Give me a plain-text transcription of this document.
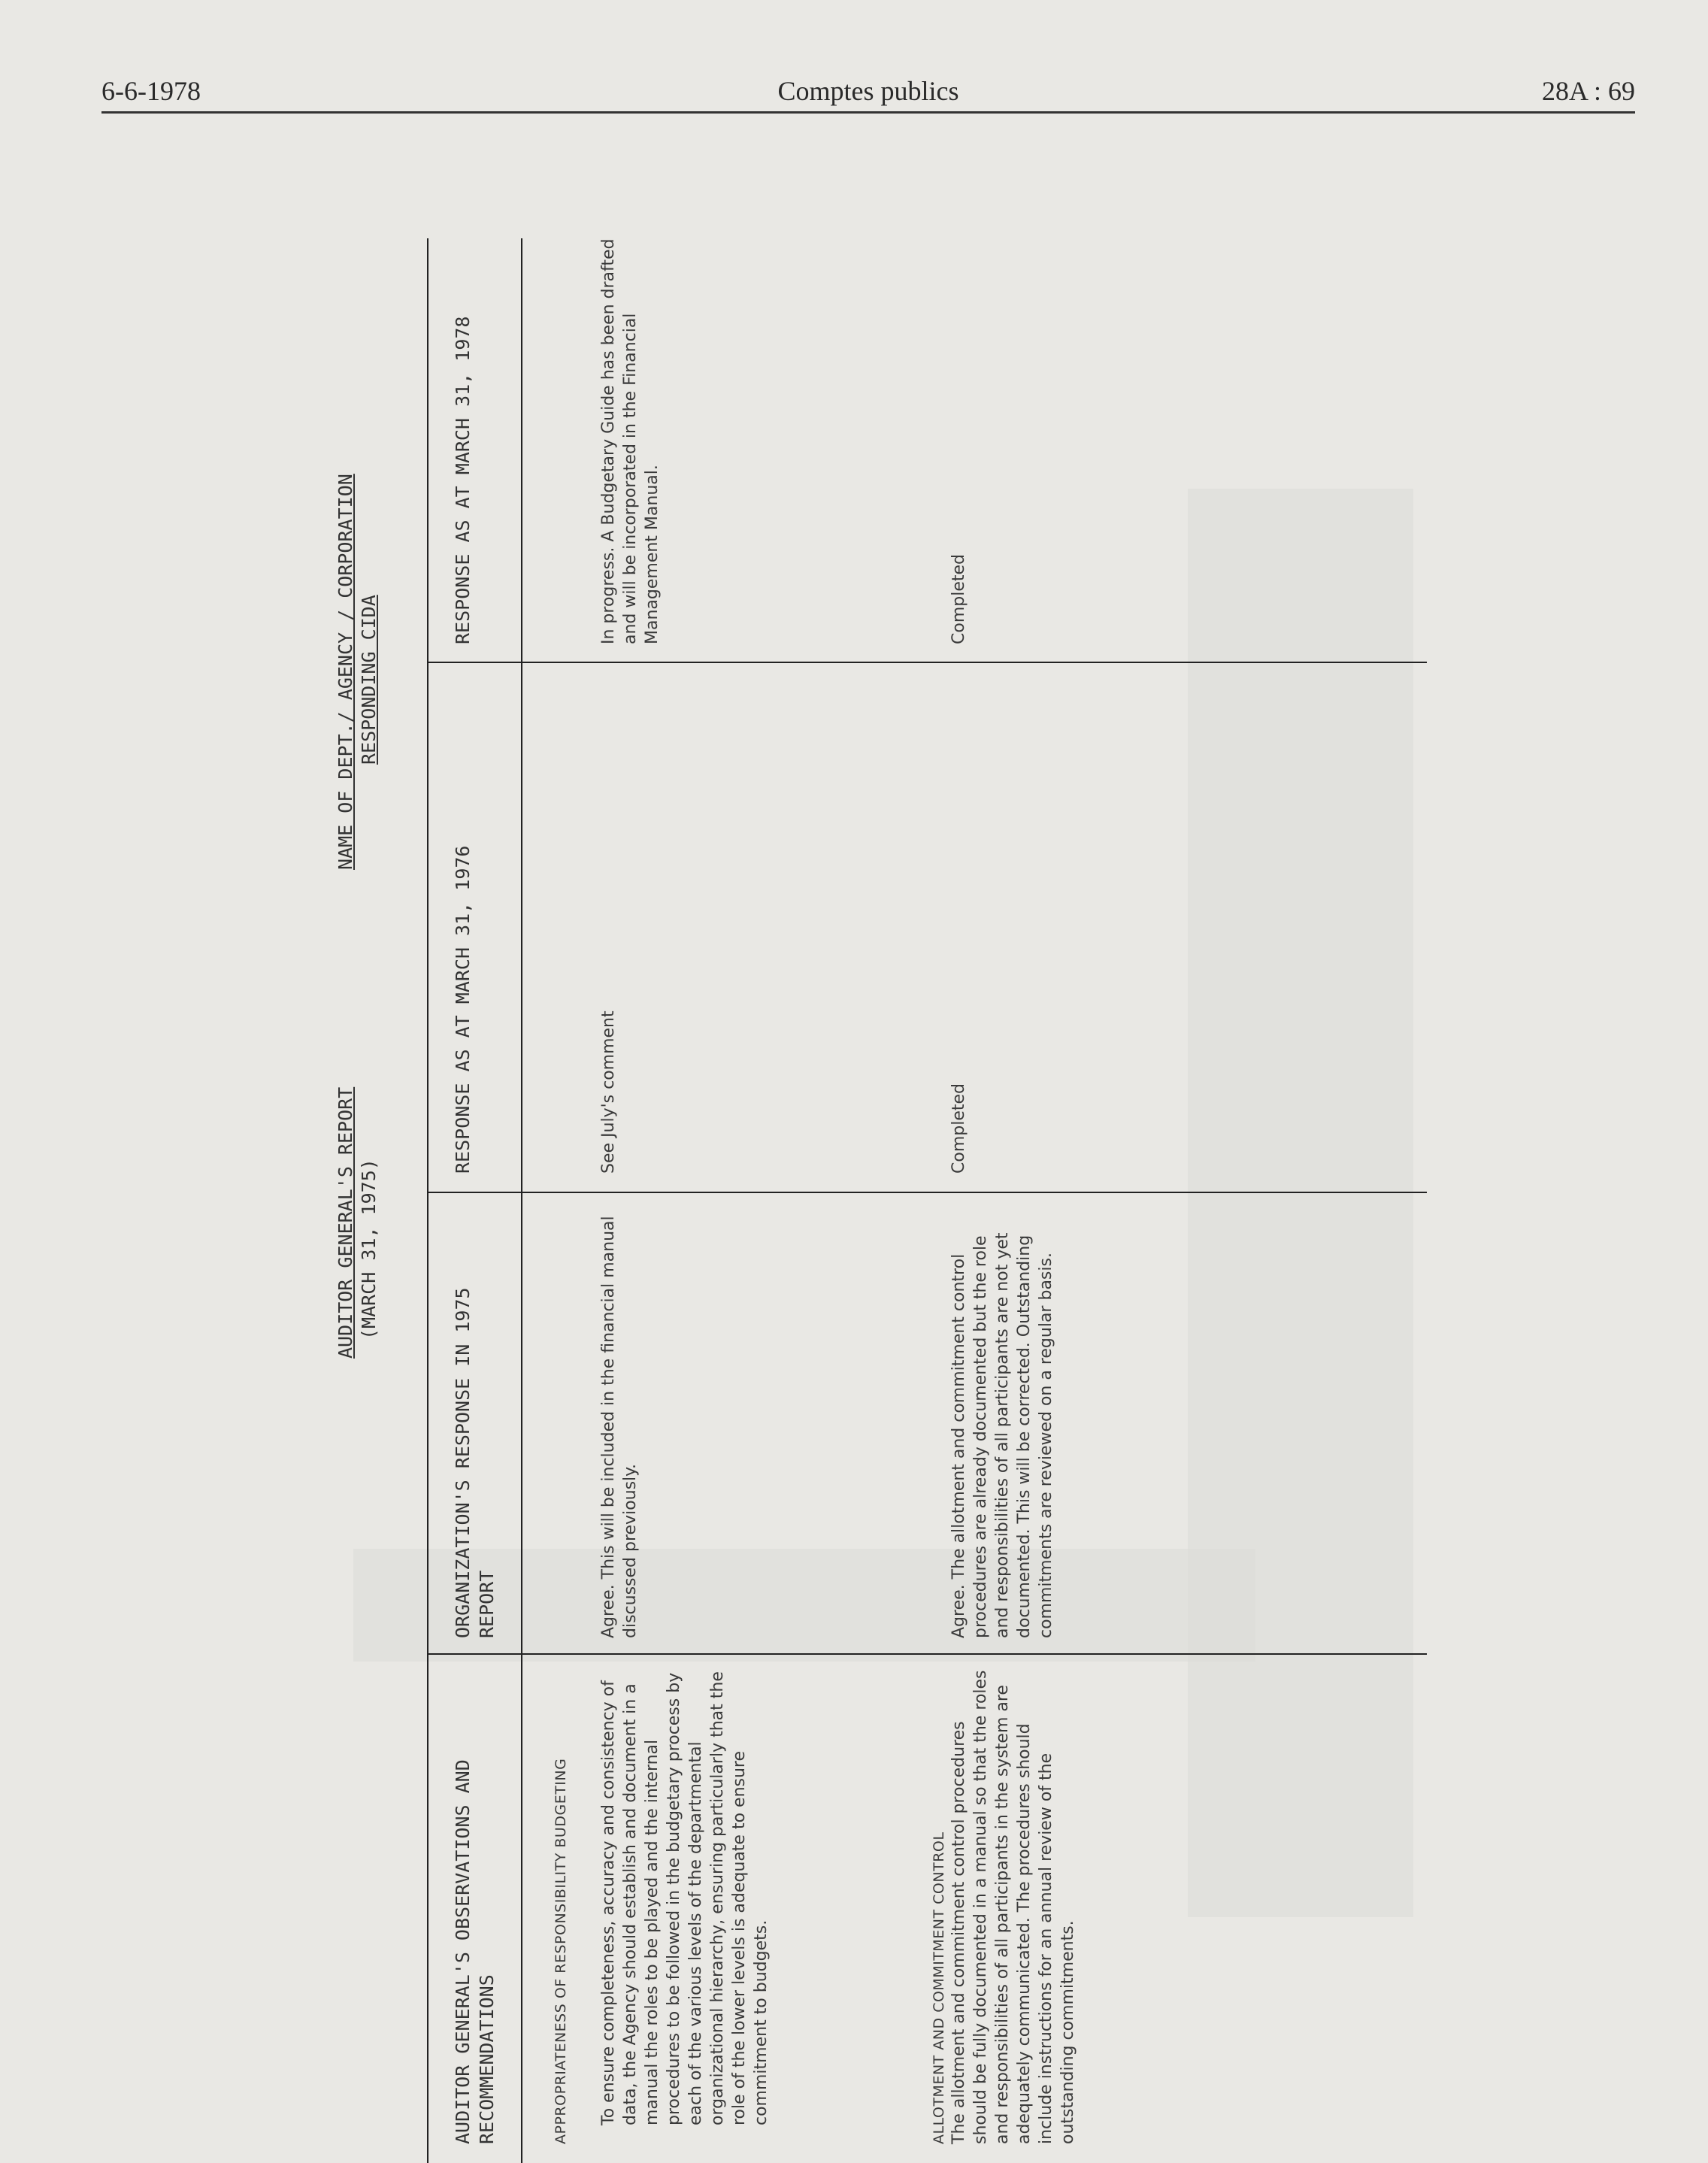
6-6-1978	Comptes publics	28A : 69
AUDITOR GENERAL'S REPORT (MARCH 31, 1975)
NAME OF DEPT./ AGENCY / CORPORATION RESPONDING CIDA
AUDITOR GENERAL'S OBSERVATIONS AND RECOMMENDATIONS
ORGANIZATION'S RESPONSE IN 1975 REPORT
RESPONSE AS AT MARCH 31, 1976
RESPONSE AS AT MARCH 31, 1978
APPROPRIATENESS OF RESPONSIBILITY BUDGETING To ensure completeness, accuracy and consistency of data, the Agency should establish and document in a manual the roles to be played and the internal procedures to be followed in the budgetary process by each of the various levels of the departmental organizational hierarchy, ensuring particularly that the role of the lower levels is adequate to ensure commitment to budgets.
Agree. This will be included in the financial manual discussed previously.
See July's comment
In progress. A Budgetary Guide has been drafted and will be incorporated in the Financial Management Manual.
ALLOTMENT AND COMMITMENT CONTROL The allotment and commitment control procedures should be fully documented in a manual so that the roles and responsibilities of all participants in the system are adequately communicated. The procedures should include instructions for an annual review of the outstanding commitments.
Agree. The allotment and commitment control procedures are already documented but the role and responsibilities of all participants are not yet documented. This will be corrected. Outstanding commitments are reviewed on a regular basis.
Completed
Completed
